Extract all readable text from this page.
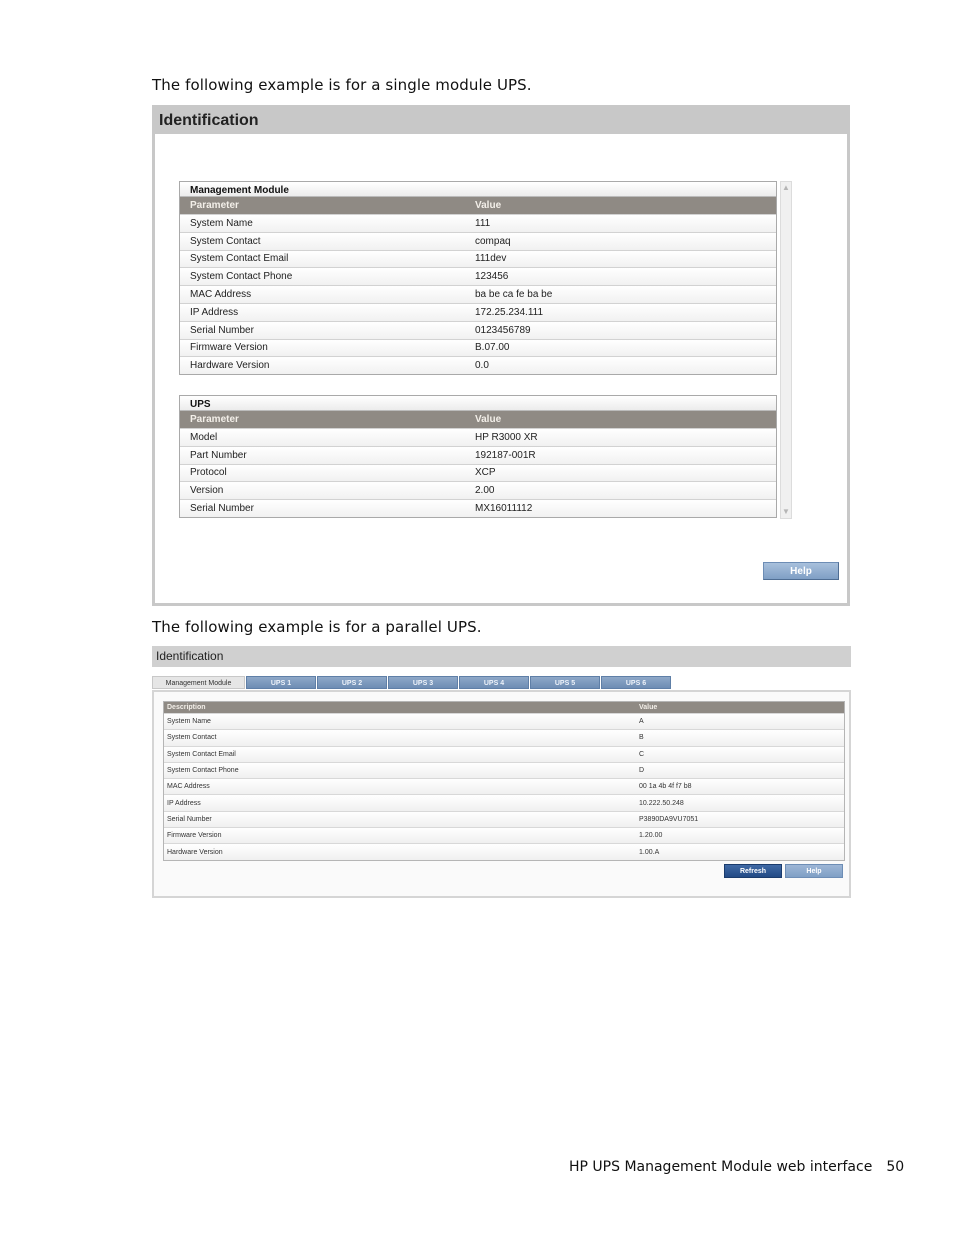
The following example is for a single module UPS.
Identification
Management Module
Parameter	Value
System Name	111
System Contact	compaq
System Contact Email	111dev
System Contact Phone	123456
MAC Address	ba be ca fe ba be
IP Address	172.25.234.111
Serial Number	0123456789
Firmware Version	B.07.00
Hardware Version	0.0
UPS
Parameter	Value
Model	HP R3000 XR
Part Number	192187-001R
Protocol	XCP
Version	2.00
Serial Number	MX16011112
▲
▼
Help
The following example is for a parallel UPS.
Identification
Management Module	UPS 1	UPS 2	UPS 3	UPS 4	UPS 5	UPS 6
Description	Value
System Name	A
System Contact	B
System Contact Email	C
System Contact Phone	D
MAC Address	00 1a 4b 4f f7 b8
IP Address	10.222.50.248
Serial Number	P3890DA9VU7051
Firmware Version	1.20.00
Hardware Version	1.00.A
Refresh	Help
HP UPS Management Module web interface 50
